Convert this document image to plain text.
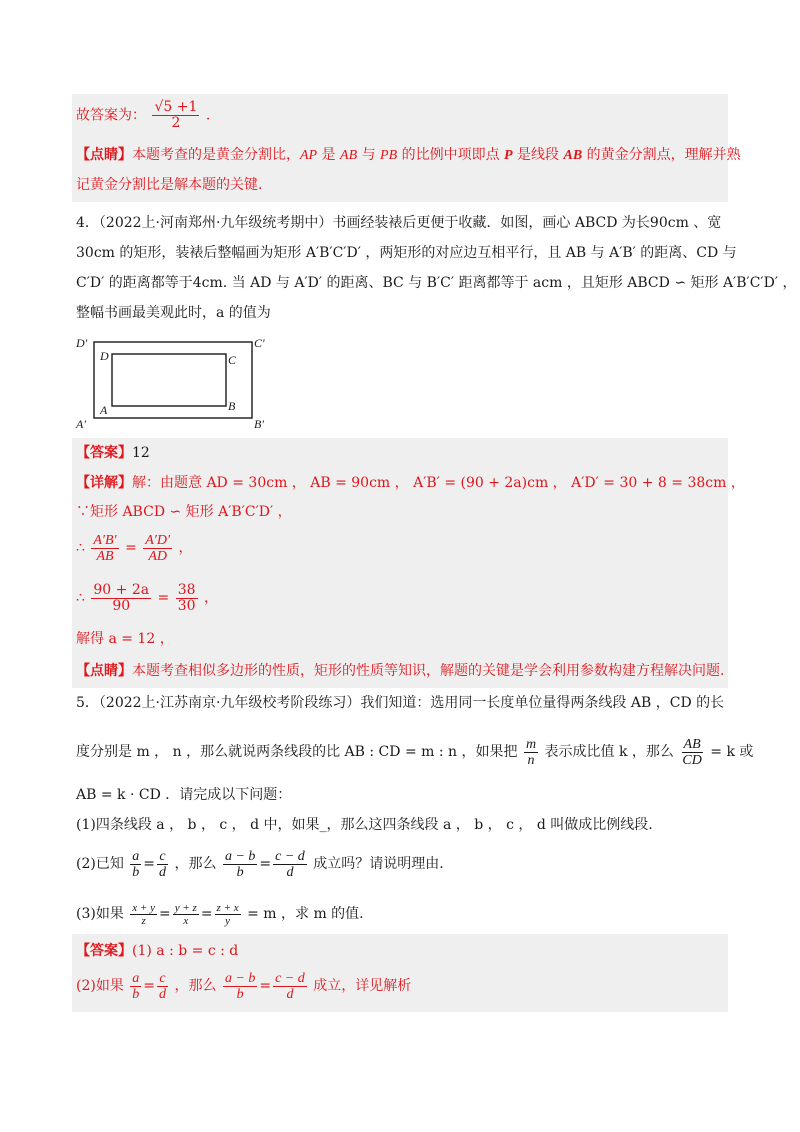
故答案为： $\frac{√5 +1}{2}$ .
【点睛】本题考查的是黄金分割比，AP 是 AB 与 PB 的比例中项即点 P 是线段 AB 的黄金分割点，理解并熟
记黄金分割比是解本题的关键.
4．（2022上·河南郑州·九年级统考期中）书画经装裱后更便于收藏．如图，画心 ABCD 为长90cm 、宽
30cm 的矩形，装裱后整幅画为矩形 A′B′C′D′ ，两矩形的对应边互相平行，且 AB 与 A′B′ 的距离、CD 与
C′D′ 的距离都等于4cm. 当 AD 与 A′D′ 的距离、BC 与 B′C′ 距离都等于 acm ，且矩形 ABCD ∽ 矩形 A′B′C′D′ ，
整幅书画最美观此时，a 的值为
D′	C′
A′	B′
D	C
A	B
【答案】12
【详解】解：由题意 AD = 30cm ， AB = 90cm ， A′B′ = (90 + 2a)cm ， A′D′ = 30 + 8 = 38cm ，
∵矩形 ABCD ∽ 矩形 A′B′C′D′ ，
∴ $\frac{A'B'}{AB} = \frac{A'D'}{AD}$ ，
∴ $\frac{90 + 2a}{90} = \frac{38}{30}$ ，
解得 a = 12 ，
【点睛】本题考查相似多边形的性质，矩形的性质等知识，解题的关键是学会利用参数构建方程解决问题.
5．（2022上·江苏南京·九年级校考阶段练习）我们知道：选用同一长度单位量得两条线段 AB ，CD 的长
度分别是 m ， n ，那么就说两条线段的比 AB : CD = m : n ，如果把 $\frac{m}{n}$ 表示成比值 k ，那么 $\frac{AB}{CD} = k$ 或
AB = k · CD ．请完成以下问题：
(1)四条线段 a ， b ， c ， d 中，如果_，那么这四条线段 a ， b ， c ， d 叫做成比例线段.
(2)已知 $\frac{a}{b} = \frac{c}{d}$ ，那么 $\frac{a - b}{b} = \frac{c - d}{d}$ 成立吗？请说明理由.
(3)如果 $\frac{x + y}{z} = \frac{y + z}{x} = \frac{z + x}{y} = m$ ，求 m 的值.
【答案】(1) a : b = c : d
(2)如果 $\frac{a}{b} = \frac{c}{d}$ ，那么 $\frac{a - b}{b} = \frac{c - d}{d}$ 成立，详见解析
